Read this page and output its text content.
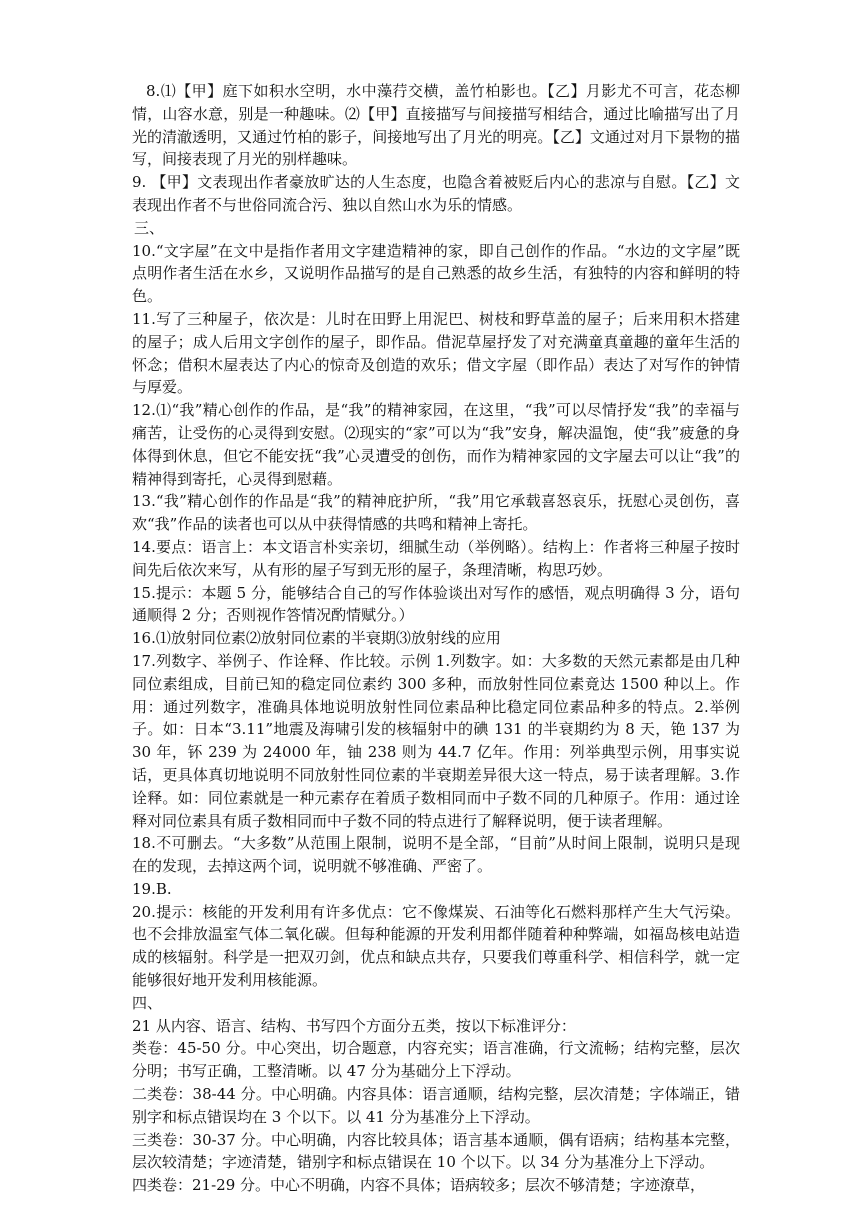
8.⑴【甲】庭下如积水空明，水中藻荇交横，盖竹柏影也。【乙】月影尤不可言，花态柳情，山容水意，别是一种趣味。⑵【甲】直接描写与间接描写相结合，通过比喻描写出了月光的清澈透明，又通过竹柏的影子，间接地写出了月光的明亮。【乙】文通过对月下景物的描写，间接表现了月光的别样趣味。

9. 【甲】文表现出作者豪放旷达的人生态度，也隐含着被贬后内心的悲凉与自慰。【乙】文表现出作者不与世俗同流合污、独以自然山水为乐的情感。

三、

10.“文字屋”在文中是指作者用文字建造精神的家，即自己创作的作品。“水边的文字屋”既点明作者生活在水乡，又说明作品描写的是自己熟悉的故乡生活，有独特的内容和鲜明的特色。

11.写了三种屋子，依次是：儿时在田野上用泥巴、树枝和野草盖的屋子；后来用积木搭建的屋子；成人后用文字创作的屋子，即作品。借泥草屋抒发了对充满童真童趣的童年生活的怀念；借积木屋表达了内心的惊奇及创造的欢乐；借文字屋（即作品）表达了对写作的钟情与厚爱。

12.⑴“我”精心创作的作品，是“我”的精神家园，在这里，“我”可以尽情抒发“我”的幸福与痛苦，让受伤的心灵得到安慰。⑵现实的“家”可以为“我”安身，解决温饱，使“我”疲惫的身体得到休息，但它不能安抚“我”心灵遭受的创伤，而作为精神家园的文字屋去可以让“我”的精神得到寄托，心灵得到慰藉。

13.“我”精心创作的作品是“我”的精神庇护所，“我”用它承载喜怒哀乐，抚慰心灵创伤，喜欢“我”作品的读者也可以从中获得情感的共鸣和精神上寄托。

14.要点：语言上：本文语言朴实亲切，细腻生动（举例略）。结构上：作者将三种屋子按时间先后依次来写，从有形的屋子写到无形的屋子，条理清晰，构思巧妙。

15.提示：本题 5 分，能够结合自己的写作体验谈出对写作的感悟，观点明确得 3 分，语句通顺得 2 分；否则视作答情况酌情赋分。）

16.⑴放射同位素⑵放射同位素的半衰期⑶放射线的应用

17.列数字、举例子、作诠释、作比较。示例 1.列数字。如：大多数的天然元素都是由几种同位素组成，目前已知的稳定同位素约 300 多种，而放射性同位素竟达 1500 种以上。作用：通过列数字，准确具体地说明放射性同位素品种比稳定同位素品种多的特点。2.举例子。如：日本“3.11”地震及海啸引发的核辐射中的碘 131 的半衰期约为 8 天，铯 137 为 30 年，钚 239 为 24000 年，铀 238 则为 44.7 亿年。作用：列举典型示例，用事实说话，更具体真切地说明不同放射性同位素的半衰期差异很大这一特点，易于读者理解。3.作诠释。如：同位素就是一种元素存在着质子数相同而中子数不同的几种原子。作用：通过诠释对同位素具有质子数相同而中子数不同的特点进行了解释说明，便于读者理解。

18.不可删去。“大多数”从范围上限制，说明不是全部，“目前”从时间上限制，说明只是现在的发现，去掉这两个词，说明就不够准确、严密了。

19.B.

20.提示：核能的开发利用有许多优点：它不像煤炭、石油等化石燃料那样产生大气污染。也不会排放温室气体二氧化碳。但每种能源的开发利用都伴随着种种弊端，如福岛核电站造成的核辐射。科学是一把双刃剑，优点和缺点共存，只要我们尊重科学、相信科学，就一定能够很好地开发利用核能源。

四、

21 从内容、语言、结构、书写四个方面分五类，按以下标准评分：

类卷：45-50 分。中心突出，切合题意，内容充实；语言准确，行文流畅；结构完整，层次分明；书写正确，工整清晰。以 47 分为基础分上下浮动。

二类卷：38-44 分。中心明确。内容具体：语言通顺，结构完整，层次清楚；字体端正，错别字和标点错误均在 3 个以下。以 41 分为基准分上下浮动。

三类卷：30-37 分。中心明确，内容比较具体；语言基本通顺，偶有语病；结构基本完整，层次较清楚；字迹清楚，错别字和标点错误在 10 个以下。以 34 分为基准分上下浮动。

四类卷：21-29 分。中心不明确，内容不具体；语病较多；层次不够清楚；字迹潦草，
